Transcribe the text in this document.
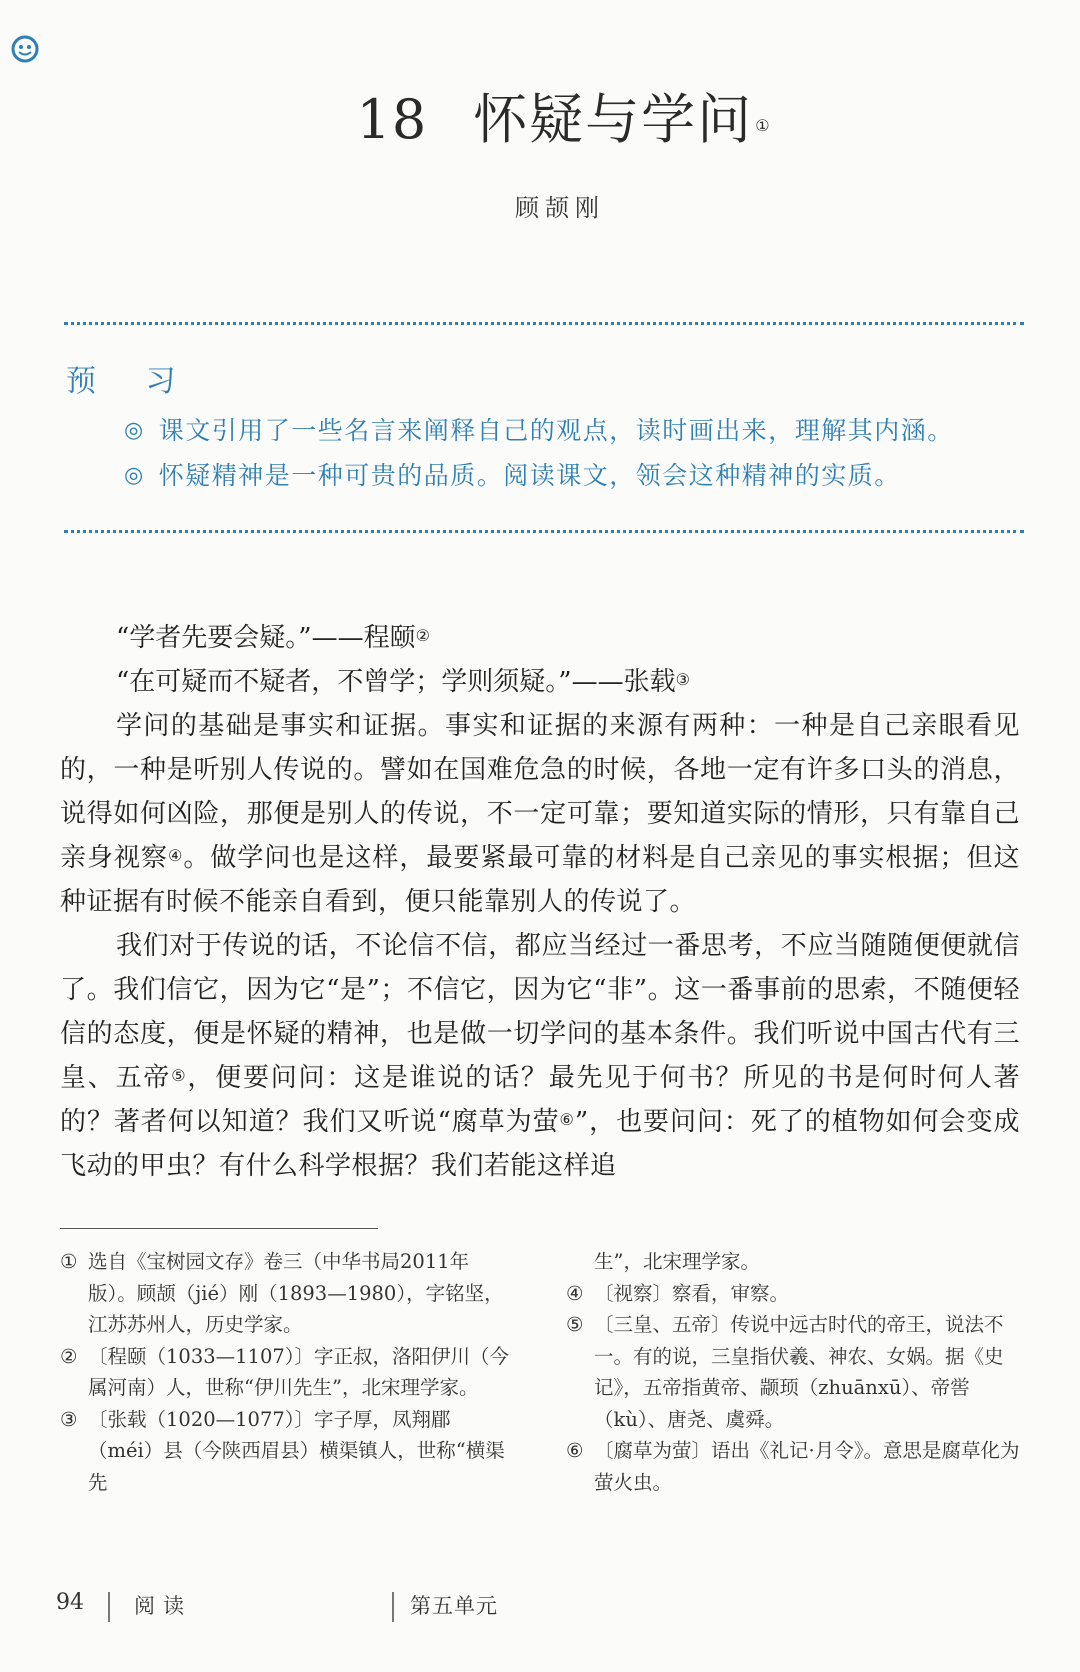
18 怀疑与学问 ①
顾颉刚
预 习
◎ 课文引用了一些名言来阐释自己的观点，读时画出来，理解其内涵。
◎ 怀疑精神是一种可贵的品质。阅读课文，领会这种精神的实质。
“学者先要会疑。”——程颐②
“在可疑而不疑者，不曾学；学则须疑。”——张载③

学问的基础是事实和证据。事实和证据的来源有两种：一种是自己亲眼看见的，一种是听别人传说的。譬如在国难危急的时候，各地一定有许多口头的消息，说得如何凶险，那便是别人的传说，不一定可靠；要知道实际的情形，只有靠自己亲身视察④。做学问也是这样，最要紧最可靠的材料是自己亲见的事实根据；但这种证据有时候不能亲自看到，便只能靠别人的传说了。

我们对于传说的话，不论信不信，都应当经过一番思考，不应当随随便便就信了。我们信它，因为它“是”；不信它，因为它“非”。这一番事前的思索，不随便轻信的态度，便是怀疑的精神，也是做一切学问的基本条件。我们听说中国古代有三皇、五帝⑤，便要问问：这是谁说的话？最先见于何书？所见的书是何时何人著的？著者何以知道？我们又听说“腐草为萤⑥”，也要问问：死了的植物如何会变成飞动的甲虫？有什么科学根据？我们若能这样追

① 选自《宝树园文存》卷三（中华书局2011年版）。顾颉（jié）刚（1893—1980），字铭坚，江苏苏州人，历史学家。
② 〔程颐（1033—1107）〕字正叔，洛阳伊川（今属河南）人，世称“伊川先生”，北宋理学家。
③ 〔张载（1020—1077）〕字子厚，凤翔郿（méi）县（今陕西眉县）横渠镇人，世称“横渠先
生”，北宋理学家。
④ 〔视察〕察看，审察。
⑤ 〔三皇、五帝〕传说中远古时代的帝王，说法不一。有的说，三皇指伏羲、神农、女娲。据《史记》，五帝指黄帝、颛顼（zhuānxū）、帝喾（kù）、唐尧、虞舜。
⑥ 〔腐草为萤〕语出《礼记·月令》。意思是腐草化为萤火虫。
94 阅读	第五单元
